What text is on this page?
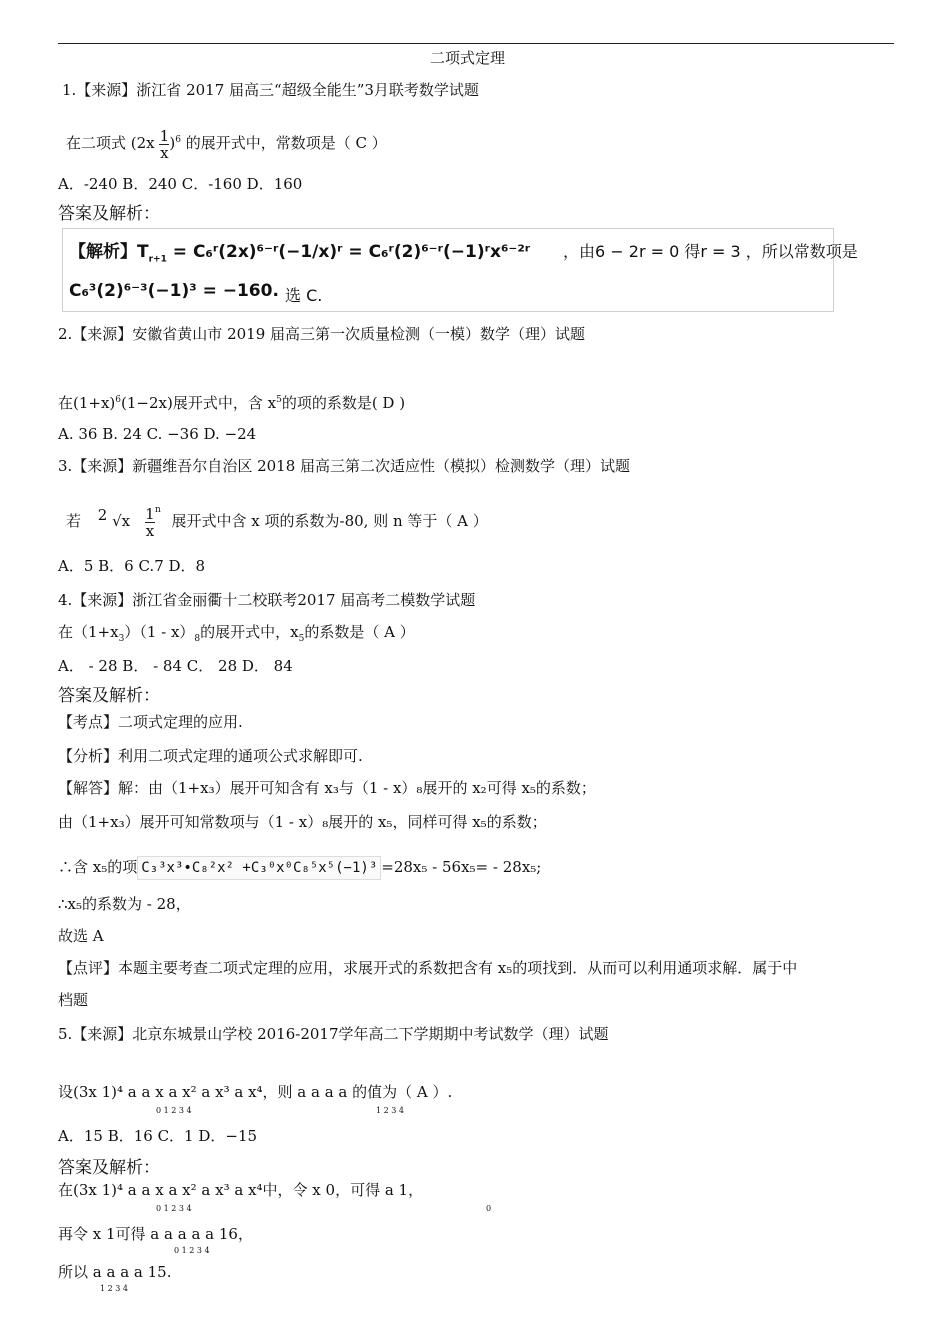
二项式定理
1.【来源】浙江省 2017 届高三“超级全能生”3月联考数学试题
在二项式 $(2x \frac{1}{x} )^6$ 的展开式中，常数项是（ C ）
A．-240 B．240 C．-160 D．160
答案及解析：
【解析】$T_{r+1}$ = C₆ʳ(2x)⁶⁻ʳ(−1/x)ʳ = C₆ʳ(2)⁶⁻ʳ(−1)ʳx⁶⁻²ʳ ，由6 − 2r = 0 得r = 3 ，所以常数项是
C₆³(2)⁶⁻³(−1)³ = −160. 选 C.
2.【来源】安徽省黄山市 2019 届高三第一次质量检测（一模）数学（理）试题
在$(1+x)^6(1-2x)$展开式中，含 $x^5$的项的系数是( D )
A. 36 B. 24 C. −36 D. −24
3.【来源】新疆维吾尔自治区 2018 届高三第二次适应性（模拟）检测数学（理）试题
若 2 $√x \frac{1}{x} ^n$ 展开式中含 x 项的系数为-80, 则 n 等于（ A ）
A．5 B．6 C.7 D．8
4.【来源】浙江省金丽衢十二校联考2017 届高考二模数学试题
在$(1+x_3)(1 - x)_8$的展开式中，$x_5$的系数是（ A ）
A． - 28 B． - 84 C． 28 D． 84
答案及解析：
【考点】二项式定理的应用.
【分析】利用二项式定理的通项公式求解即可.
【解答】解：由（1+x₃）展开可知含有 x₃与（1 - x）₈展开的 x₂可得 x₅的系数；
由（1+x₃）展开可知常数项与（1 - x）₈展开的 x₅，同样可得 x₅的系数；
∴含 x₅的项 C₃³x³•C₈²x² +C₃⁰x⁰C₈⁵x⁵(−1)³ =28x₅ - 56x₅= - 28x₅;
∴x₅的系数为 - 28，
故选 A
【点评】本题主要考查二项式定理的应用，求展开式的系数把含有 x₅的项找到．从而可以利用通项求解．属于中
档题
5.【来源】北京东城景山学校 2016-2017学年高二下学期期中考试数学（理）试题
设(3x 1)⁴ a a x a x² a x³ a x⁴，则 a a a a 的值为（ A ）.
0 1 2 3 4	1 2 3 4
A．15 B．16 C．1 D．−15
答案及解析：
在(3x 1)⁴ a a x a x² a x³ a x⁴中，令 x 0，可得 a 1，
0 1 2 3 4	0
再令 x 1可得 a a a a a 16，
0 1 2 3 4
所以 a a a a 15.
1 2 3 4
